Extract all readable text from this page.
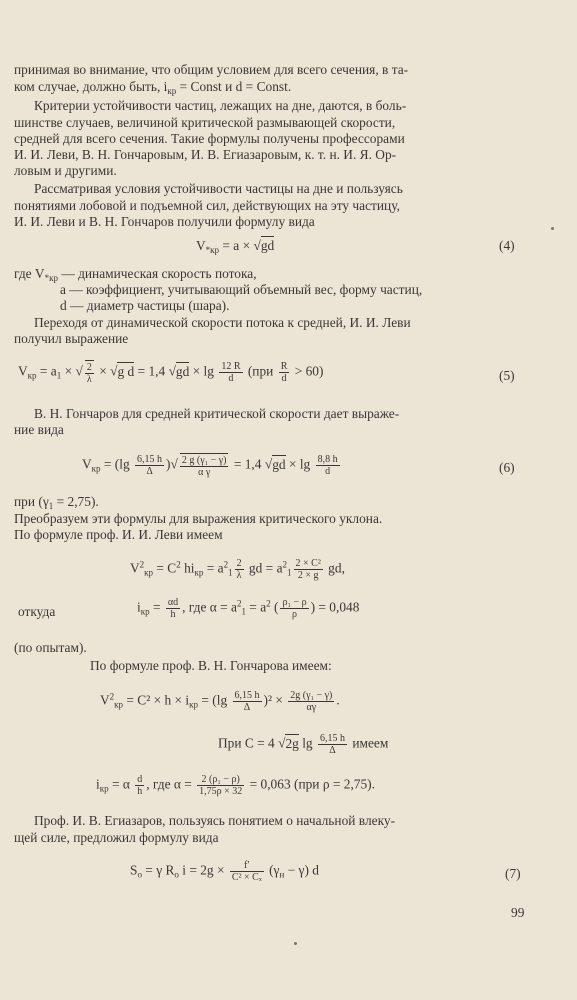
принимая во внимание, что общим условием для всего сечения, в та-
ком случае, должно быть, $i_{кр}$ = Const и d = Const.
Критерии устойчивости частиц, лежащих на дне, даются, в боль-
шинстве случаев, величиной критической размывающей скорости,
средней для всего сечения. Такие формулы получены профессорами
И. И. Леви, В. Н. Гончаровым, И. В. Егиазаровым, к. т. н. И. Я. Ор-
ловым и другими.
Рассматривая условия устойчивости частицы на дне и пользуясь
понятиями лобовой и подъемной сил, действующих на эту частицу,
И. И. Леви и В. Н. Гончаров получили формулу вида
$V_{*кр} = a \times √gd$	(4)
где $V_{*кр}$ — динамическая скорость потока,
a — коэффициент, учитывающий объемный вес, форму частиц,
d — диаметр частицы (шара).
Переходя от динамической скорости потока к средней, И. И. Леви
получил выражение
$V_{кр} = a_1$ × √ $\frac{2}{\lambda} \times √g$ d = 1,4 $√gd \times \lg \frac{12 R}{d} (при \frac{R}{d} > 60)$	(5)
В. Н. Гончаров для средней критической скорости дает выраже-
ние вида
$V_{кр} = (\lg \frac{6,15 h}{\Delta}$ )√ $\frac{\text{2 g (γ₁ − γ)}}{\text{α γ}} = 1,4$ $√gd \times \lg \frac{8,8 h}{d}$	(6)
при $(\gamma_1 = 2,75)$.
Преобразуем эти формулы для выражения критического уклона.
По формуле проф. И. И. Леви имеем
$V^2_{кр} = C^2$ $hi_{кр} = a^2_1 \frac{2}{\lambda}$ gd = $a^2_1 \frac{\text{2 × C²}}{2 \times g}$ gd,
откуда	$i_{кр} = \frac{\alpha d}{h}$ , где $\alpha = a^2_1 = a^2$ ( $\frac{\text{ρ₁ − ρ}}{\rho}$ ) = 0,048
(по опытам).
По формуле проф. В. Н. Гончарова имеем:
$V^2_{кр} = C^2 \times h \times i_{кр} = (\lg \frac{6,15 h}{\Delta} )^2 \times \frac{\text{2g (γ₁ − γ)}}{\alpha\gamma}$ .
При C = 4 √2g $\lg \frac{6,15 h}{\Delta}$ имеем
$i_{кр} = \alpha \frac{d}{h}$ , где $\alpha = \frac{\text{2 (ρ₁ − ρ)}}{1,75\rho \times 32} = 0,063$ (при ρ = 2,75).
Проф. И. В. Егиазаров, пользуясь понятием о начальной влеку-
щей силе, предложил формулу вида
$S_o = \gamma$ $R_o$ $i = 2g \times \frac{f'}{\text{C² × Cₓ}} (\gamma_н - \gamma)$ d	(7)
99
